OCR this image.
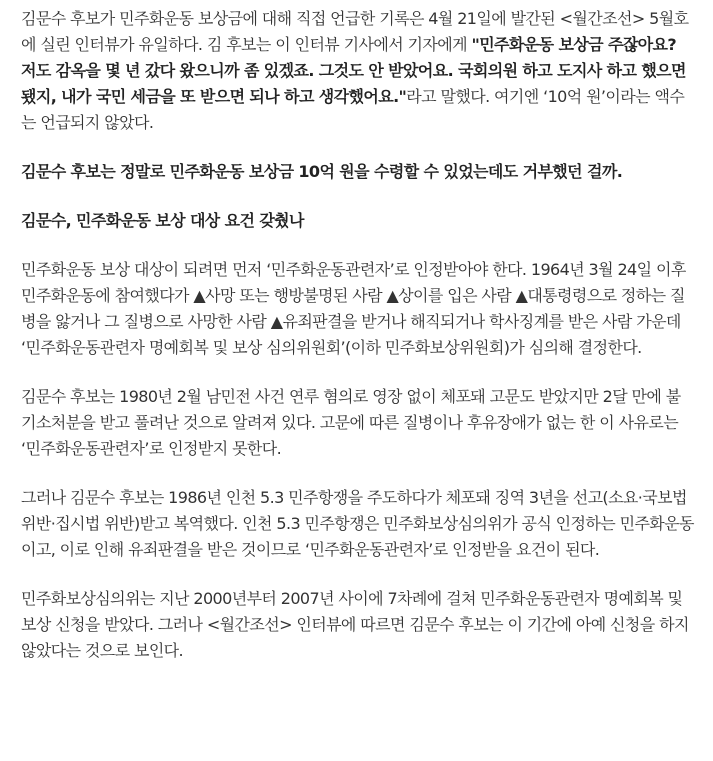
김문수 후보가 민주화운동 보상금에 대해 직접 언급한 기록은 4월 21일에 발간된 <월간조선> 5월호에 실린 인터뷰가 유일하다. 김 후보는 이 인터뷰 기사에서 기자에게 "민주화운동 보상금 주잖아요? 저도 감옥을 몇 년 갔다 왔으니까 좀 있겠죠. 그것도 안 받았어요. 국회의원 하고 도지사 하고 했으면 됐지, 내가 국민 세금을 또 받으면 되나 하고 생각했어요."라고 말했다. 여기엔 ‘10억 원’이라는 액수는 언급되지 않았다.

김문수 후보는 정말로 민주화운동 보상금 10억 원을 수령할 수 있었는데도 거부했던 걸까.

김문수, 민주화운동 보상 대상 요건 갖췄나

민주화운동 보상 대상이 되려면 먼저 ‘민주화운동관련자’로 인정받아야 한다. 1964년 3월 24일 이후 민주화운동에 참여했다가 ▲사망 또는 행방불명된 사람 ▲상이를 입은 사람 ▲대통령령으로 정하는 질병을 앓거나 그 질병으로 사망한 사람 ▲유죄판결을 받거나 해직되거나 학사징계를 받은 사람 가운데 ‘민주화운동관련자 명예회복 및 보상 심의위원회’(이하 민주화보상위원회)가 심의해 결정한다.

김문수 후보는 1980년 2월 남민전 사건 연루 혐의로 영장 없이 체포돼 고문도 받았지만 2달 만에 불기소처분을 받고 풀려난 것으로 알려져 있다. 고문에 따른 질병이나 후유장애가 없는 한 이 사유로는 ‘민주화운동관련자’로 인정받지 못한다.

그러나 김문수 후보는 1986년 인천 5.3 민주항쟁을 주도하다가 체포돼 징역 3년을 선고(소요·국보법 위반·집시법 위반)받고 복역했다. 인천 5.3 민주항쟁은 민주화보상심의위가 공식 인정하는 민주화운동이고, 이로 인해 유죄판결을 받은 것이므로 ‘민주화운동관련자’로 인정받을 요건이 된다.

민주화보상심의위는 지난 2000년부터 2007년 사이에 7차례에 걸쳐 민주화운동관련자 명예회복 및 보상 신청을 받았다. 그러나 <월간조선> 인터뷰에 따르면 김문수 후보는 이 기간에 아예 신청을 하지 않았다는 것으로 보인다.
